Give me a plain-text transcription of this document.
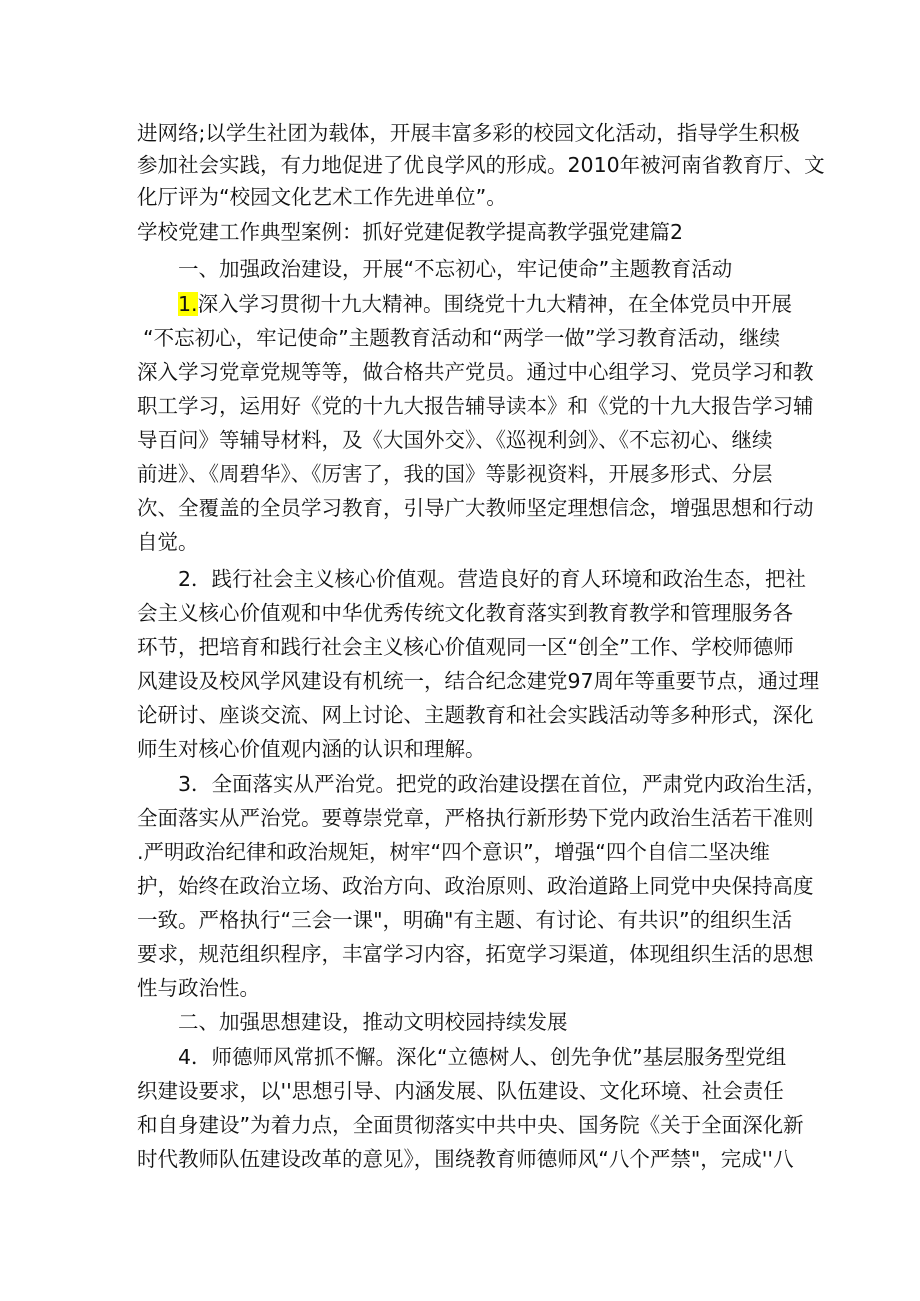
进网络;以学生社团为载体，开展丰富多彩的校园文化活动，指导学生积极
参加社会实践，有力地促进了优良学风的形成。2010年被河南省教育厅、文
化厅评为“校园文化艺术工作先进单位”。
学校党建工作典型案例：抓好党建促教学提高教学强党建篇2
一、加强政治建设，开展“不忘初心，牢记使命”主题教育活动
1.深入学习贯彻十九大精神。围绕党十九大精神，在全体党员中开展
“不忘初心，牢记使命”主题教育活动和“两学一做”学习教育活动，继续
深入学习党章党规等等，做合格共产党员。通过中心组学习、党员学习和教
职工学习，运用好《党的十九大报告辅导读本》和《党的十九大报告学习辅
导百问》等辅导材料，及《大国外交》、《巡视利剑》、《不忘初心、继续
前进》、《周碧华》、《厉害了，我的国》等影视资料，开展多形式、分层
次、全覆盖的全员学习教育，引导广大教师坚定理想信念，增强思想和行动
自觉。
2．践行社会主义核心价值观。营造良好的育人环境和政治生态，把社
会主义核心价值观和中华优秀传统文化教育落实到教育教学和管理服务各
环节，把培育和践行社会主义核心价值观同一区“创全”工作、学校师德师
风建设及校风学风建设有机统一，结合纪念建党97周年等重要节点，通过理
论研讨、座谈交流、网上讨论、主题教育和社会实践活动等多种形式，深化
师生对核心价值观内涵的认识和理解。
3．全面落实从严治党。把党的政治建设摆在首位，严肃党内政治生活，
全面落实从严治党。要尊崇党章，严格执行新形势下党内政治生活若干准则
.严明政治纪律和政治规矩，树牢“四个意识”，增强“四个自信二坚决维
护，始终在政治立场、政治方向、政治原则、政治道路上同党中央保持高度
一致。严格执行“三会一课"，明确"有主题、有讨论、有共识”的组织生活
要求，规范组织程序，丰富学习内容，拓宽学习渠道，体现组织生活的思想
性与政治性。
二、加强思想建设，推动文明校园持续发展
4．师德师风常抓不懈。深化“立德树人、创先争优”基层服务型党组
织建设要求，以''思想引导、内涵发展、队伍建设、文化环境、社会责任
和自身建设”为着力点，全面贯彻落实中共中央、国务院《关于全面深化新
时代教师队伍建设改革的意见》，围绕教育师德师风“八个严禁"，完成''八
